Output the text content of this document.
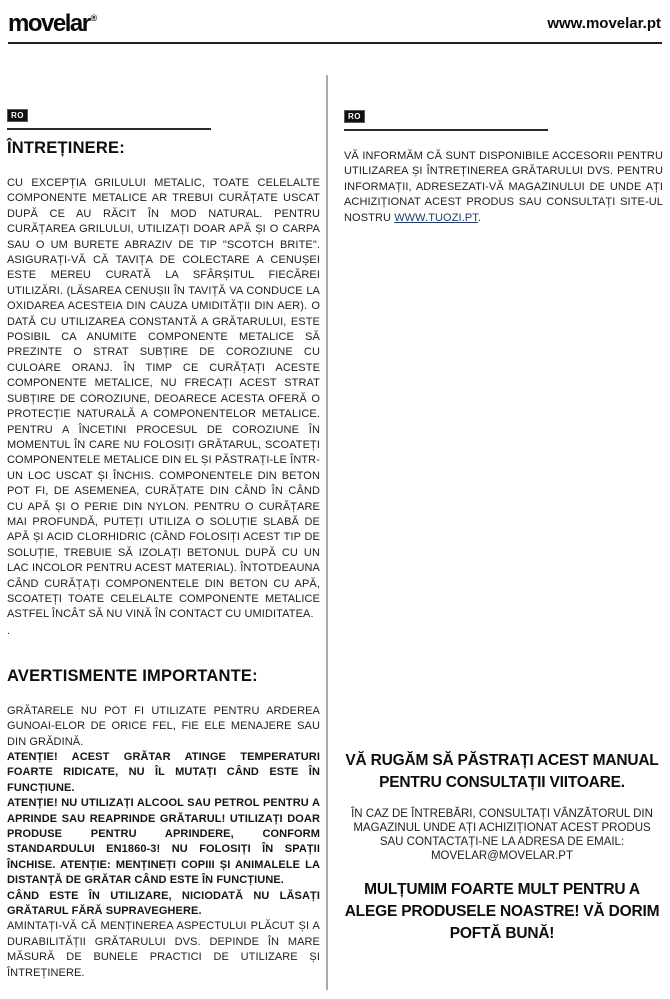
movelar®	www.movelar.pt
RO
ÎNTREȚINERE:
CU EXCEPȚIA GRILULUI METALIC, TOATE CELELALTE COMPONENTE METALICE AR TREBUI CURĂȚATE USCAT DUPĂ CE AU RĂCIT ÎN MOD NATURAL. PENTRU CURĂȚAREA GRILULUI, UTILIZAȚI DOAR APĂ ȘI O CARPA SAU O UM BURETE ABRAZIV DE TIP "SCOTCH BRITE". ASIGURAȚI-VĂ CĂ TAVIȚA DE COLECTARE A CENUȘEI ESTE MEREU CURATĂ LA SFÂRȘITUL FIECĂREI UTILIZĂRI. (LĂSAREA CENUȘII ÎN TAVIȚĂ VA CONDUCE LA OXIDAREA ACESTEIA DIN CAUZA UMIDITĂȚII DIN AER). O DATĂ CU UTILIZAREA CONSTANTĂ A GRĂTARULUI, ESTE POSIBIL CA ANUMITE COMPONENTE METALICE SĂ PREZINTE O STRAT SUBȚIRE DE COROZIUNE CU CULOARE ORANJ. ÎN TIMP CE CURĂȚAȚI ACESTE COMPONENTE METALICE, NU FRECAȚI ACEST STRAT SUBȚIRE DE COROZIUNE, DEOARECE ACESTA OFERĂ O PROTECȚIE NATURALĂ A COMPONENTELOR METALICE. PENTRU A ÎNCETINI PROCESUL DE COROZIUNE ÎN MOMENTUL ÎN CARE NU FOLOSIȚI GRĂTARUL, SCOATEȚI COMPONENTELE METALICE DIN EL ȘI PĂSTRAȚI-LE ÎNTR-UN LOC USCAT ȘI ÎNCHIS. COMPONENTELE DIN BETON POT FI, DE ASEMENEA, CURĂȚATE DIN CÂND ÎN CÂND CU APĂ ȘI O PERIE DIN NYLON. PENTRU O CURĂȚARE MAI PROFUNDĂ, PUTEȚI UTILIZA O SOLUȚIE SLABĂ DE APĂ ȘI ACID CLORHIDRIC (CÂND FOLOSIȚI ACEST TIP DE SOLUȚIE, TREBUIE SĂ IZOLAȚI BETONUL DUPĂ CU UN LAC INCOLOR PENTRU ACEST MATERIAL). ÎNTOTDEAUNA CÂND CURĂȚAȚI COMPONENTELE DIN BETON CU APĂ, SCOATEȚI TOATE CELELALTE COMPONENTE METALICE ASTFEL ÎNCÂT SĂ NU VINĂ ÎN CONTACT CU UMIDITATEA.
.
AVERTISMENTE IMPORTANTE:
GRĂTARELE NU POT FI UTILIZATE PENTRU ARDEREA GUNOAI-ELOR DE ORICE FEL, FIE ELE MENAJERE SAU DIN GRĂDINĂ.
ATENȚIE! ACEST GRĂTAR ATINGE TEMPERATURI FOARTE RIDICATE, NU ÎL MUTAȚI CÂND ESTE ÎN FUNCȚIUNE.
ATENȚIE! NU UTILIZAȚI ALCOOL SAU PETROL PENTRU A APRINDE SAU REAPRINDE GRĂTARUL! UTILIZAȚI DOAR PRODUSE PENTRU APRINDERE, CONFORM STANDARDULUI EN1860-3! NU FOLOSIȚI ÎN SPAȚII ÎNCHISE. ATENȚIE: MENȚINEȚI COPIII ȘI ANIMALELE LA DISTANȚĂ DE GRĂTAR CÂND ESTE ÎN FUNCȚIUNE.
CÂND ESTE ÎN UTILIZARE, NICIODATĂ NU LĂSAȚI GRĂTARUL FĂRĂ SUPRAVEGHERE.
AMINTAȚI-VĂ CĂ MENȚINEREA ASPECTULUI PLĂCUT ȘI A DURABILITĂȚII GRĂTARULUI DVS. DEPINDE ÎN MARE MĂSURĂ DE BUNELE PRACTICI DE UTILIZARE ȘI ÎNTREȚINERE.
RO
VĂ INFORMĂM CĂ SUNT DISPONIBILE ACCESORII PENTRU UTILIZAREA ȘI ÎNTREȚINEREA GRĂTARULUI DVS. PENTRU INFORMAȚII, ADRESEZATI-VĂ MAGAZINULUI DE UNDE AȚI ACHIZIȚIONAT ACEST PRODUS SAU CONSULTAȚI SITE-UL NOSTRU WWW.TUOZI.PT.
VĂ RUGĂM SĂ PĂSTRAȚI ACEST MANUAL PENTRU CONSULTAȚII VIITOARE.
ÎN CAZ DE ÎNTREBĂRI, CONSULTAȚI VÂNZĂTORUL DIN MAGAZINUL UNDE AȚI ACHIZIȚIONAT ACEST PRODUS SAU CONTACTAȚI-NE LA ADRESA DE EMAIL:
MOVELAR@MOVELAR.PT
MULȚUMIM FOARTE MULT PENTRU A ALEGE PRODUSELE NOASTRE! VĂ DORIM POFTĂ BUNĂ!
